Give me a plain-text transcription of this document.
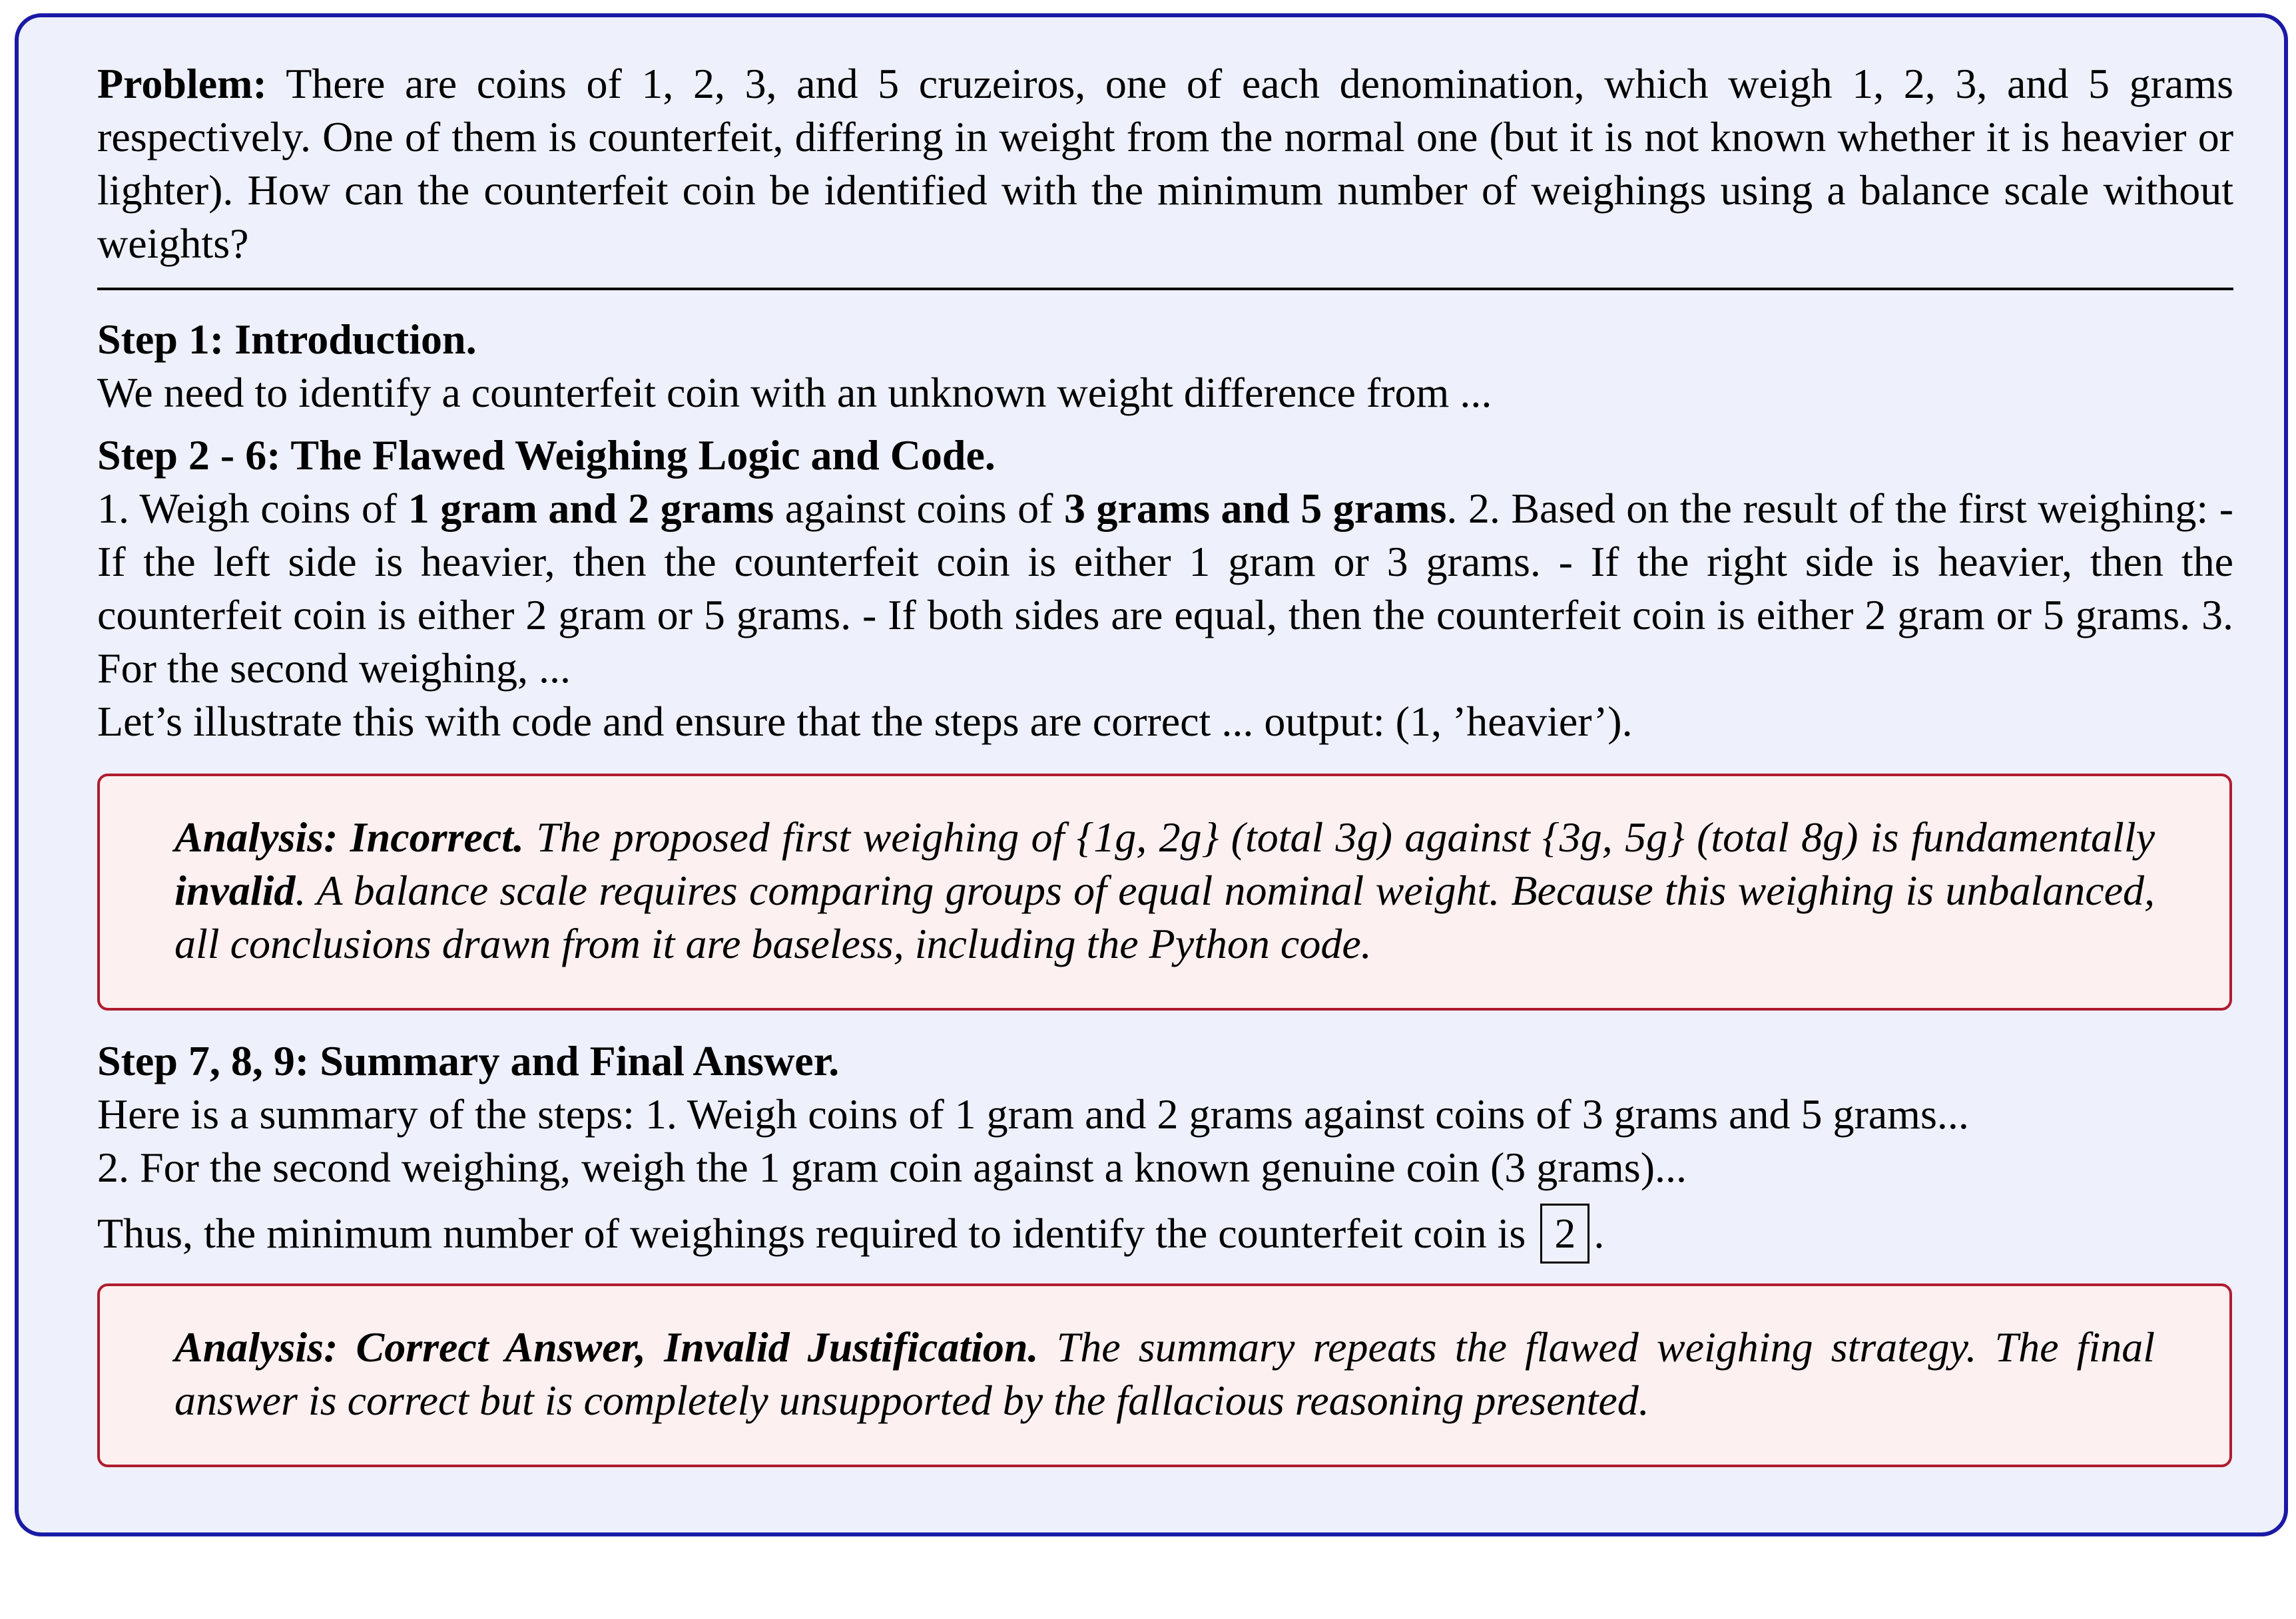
Problem: There are coins of 1, 2, 3, and 5 cruzeiros, one of each denomination, which weigh 1, 2, 3, and 5 grams respectively. One of them is counterfeit, differing in weight from the normal one (but it is not known whether it is heavier or lighter). How can the counterfeit coin be identified with the minimum number of weighings using a balance scale without weights?

Step 1: Introduction.

We need to identify a counterfeit coin with an unknown weight difference from ...

Step 2 - 6: The Flawed Weighing Logic and Code.

1. Weigh coins of 1 gram and 2 grams against coins of 3 grams and 5 grams. 2. Based on the result of the first weighing: - If the left side is heavier, then the counterfeit coin is either 1 gram or 3 grams. - If the right side is heavier, then the counterfeit coin is either 2 gram or 5 grams. - If both sides are equal, then the counterfeit coin is either 2 gram or 5 grams. 3. For the second weighing, ...

Let’s illustrate this with code and ensure that the steps are correct ... output: (1, ’heavier’).

Analysis: Incorrect. The proposed first weighing of {1g, 2g} (total 3g) against {3g, 5g} (total 8g) is fundamentally invalid. A balance scale requires comparing groups of equal nominal weight. Because this weighing is unbalanced, all conclusions drawn from it are baseless, including the Python code.

Step 7, 8, 9: Summary and Final Answer.

Here is a summary of the steps: 1. Weigh coins of 1 gram and 2 grams against coins of 3 grams and 5 grams...

2. For the second weighing, weigh the 1 gram coin against a known genuine coin (3 grams)...

Thus, the minimum number of weighings required to identify the counterfeit coin is 2 .

Analysis: Correct Answer, Invalid Justification. The summary repeats the flawed weighing strategy. The final answer is correct but is completely unsupported by the fallacious reasoning presented.
